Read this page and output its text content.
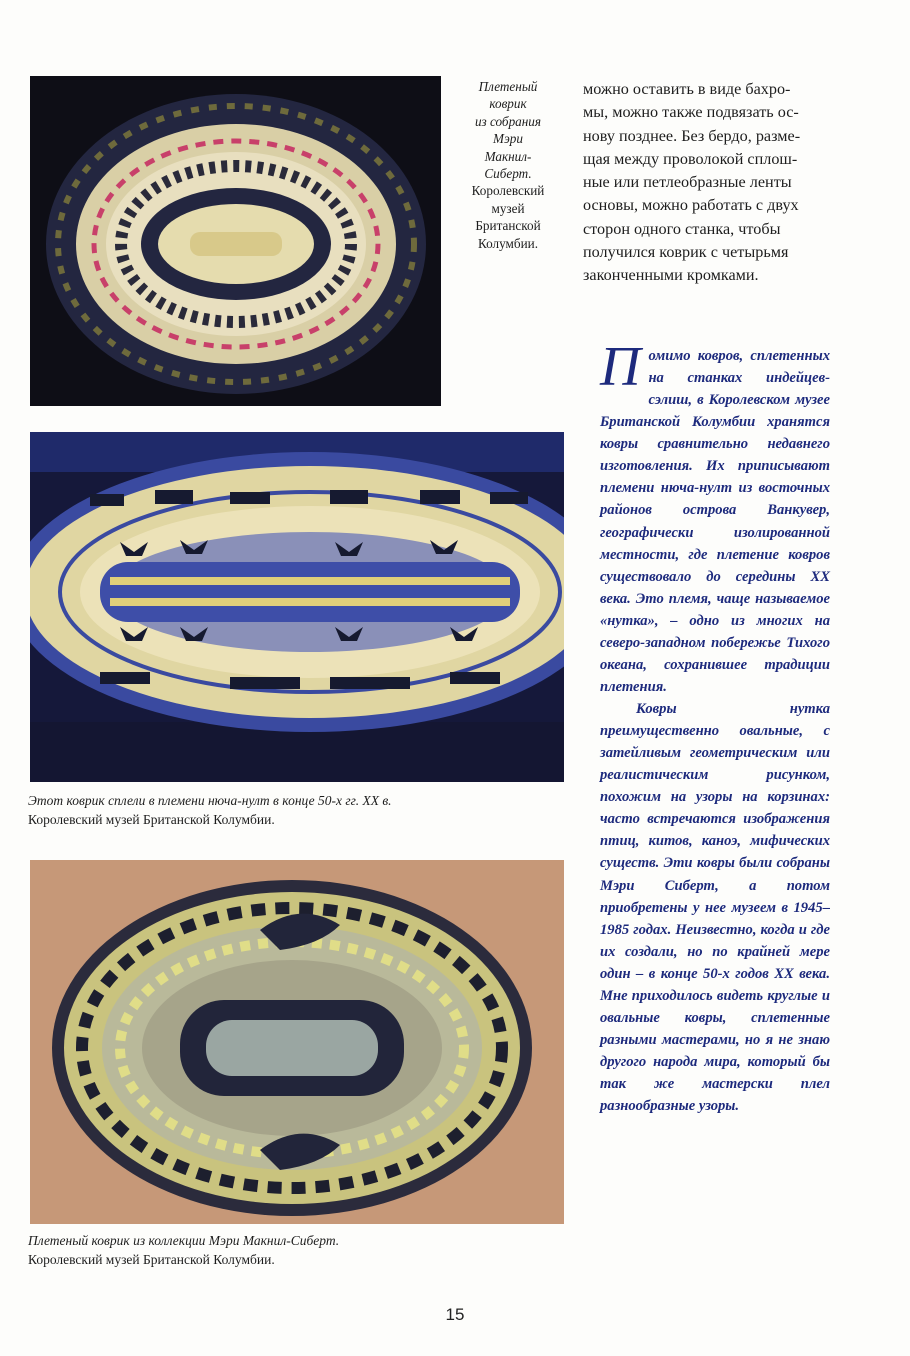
Плетеный
коврик
из собрания
Мэри
Макнил-
Сиберт.
Королевский
музей
Британской
Колумбии.
можно оставить в виде бахро-
мы, можно также подвязать ос-
нову позднее. Без бердо, разме-
щая между проволокой сплош-
ные или петлеобразные ленты
основы, можно работать с двух
сторон одного станка, чтобы
получился коврик с четырьмя
законченными кромками.
Этот коврик сплели в племени нюча-нулт в конце 50-х гг. XX в.
Королевский музей Британской Колумбии.
Плетеный коврик из коллекции Мэри Макнил-Сиберт.
Королевский музей Британской Колумбии.

Помимо ковров, сплетенных на станках индейцев-сэлиш, в Королевском музее Британской Колумбии хранятся ковры сравнительно недавнего изготовления. Их приписывают племени нюча-нулт из восточных районов острова Ванкувер, географически изолированной местности, где плетение ковров существовало до середины XX века. Это племя, чаще называемое «нутка», – одно из многих на северо-западном побережье Тихого океана, сохранившее традиции плетения.

Ковры нутка преимущественно овальные, с затейливым геометрическим или реалистическим рисунком, похожим на узоры на корзинах: часто встречаются изображения птиц, китов, каноэ, мифических существ. Эти ковры были собраны Мэри Сиберт, а потом приобретены у нее музеем в 1945–1985 годах. Неизвестно, когда и где их создали, но по крайней мере один – в конце 50-х годов XX века. Мне приходилось видеть круглые и овальные ковры, сплетенные разными мастерами, но я не знаю другого народа мира, который бы так же мастерски плел разнообразные узоры.

15
